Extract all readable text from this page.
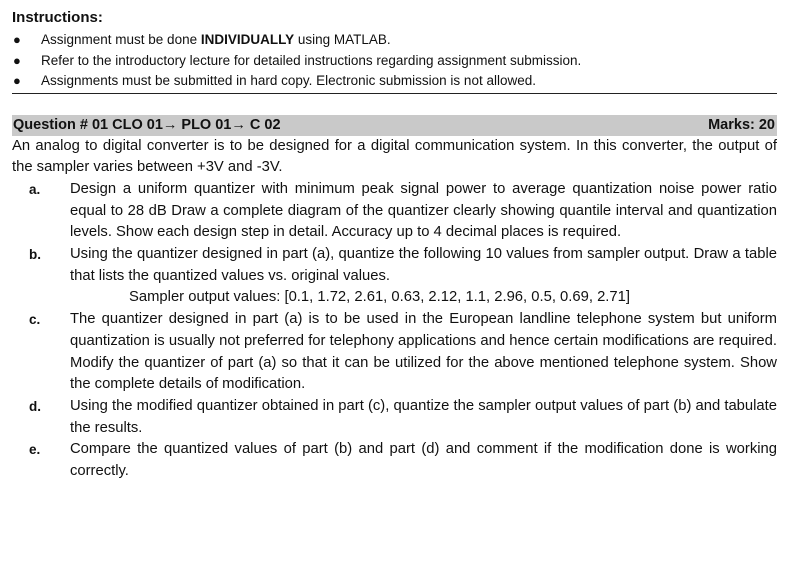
Instructions:
● Assignment must be done INDIVIDUALLY using MATLAB.
● Refer to the introductory lecture for detailed instructions regarding assignment submission.
● Assignments must be submitted in hard copy. Electronic submission is not allowed.
Question # 01 CLO 01→ PLO 01→ C 02	Marks: 20

An analog to digital converter is to be designed for a digital communication system. In this converter, the output of the sampler varies between +3V and -3V.

a. Design a uniform quantizer with minimum peak signal power to average quantization noise power ratio equal to 28 dB Draw a complete diagram of the quantizer clearly showing quantile interval and quantization levels. Show each design step in detail. Accuracy up to 4 decimal places is required.
b. Using the quantizer designed in part (a), quantize the following 10 values from sampler output. Draw a table that lists the quantized values vs. original values.
Sampler output values: [0.1, 1.72, 2.61, 0.63, 2.12, 1.1, 2.96, 0.5, 0.69, 2.71]
c. The quantizer designed in part (a) is to be used in the European landline telephone system but uniform quantization is usually not preferred for telephony applications and hence certain modifications are required. Modify the quantizer of part (a) so that it can be utilized for the above mentioned telephone system. Show the complete details of modification.
d. Using the modified quantizer obtained in part (c), quantize the sampler output values of part (b) and tabulate the results.
e. Compare the quantized values of part (b) and part (d) and comment if the modification done is working correctly.
